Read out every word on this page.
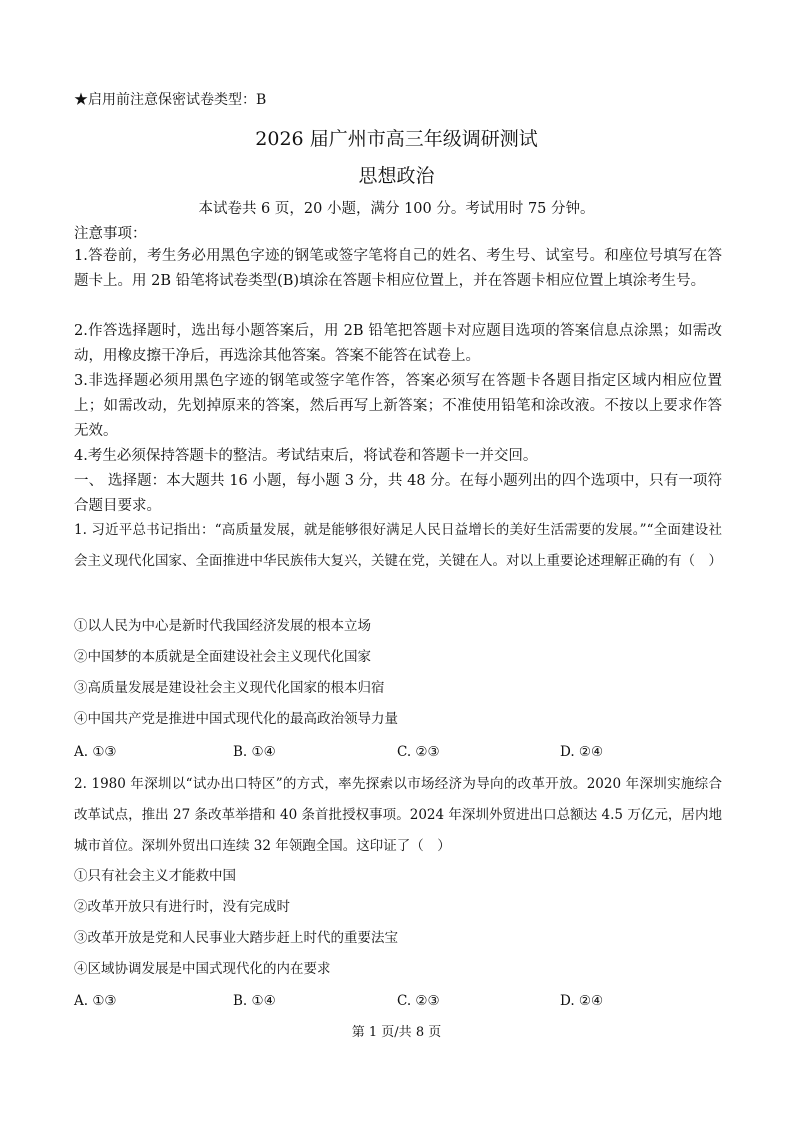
★启用前注意保密试卷类型：B
2026 届广州市高三年级调研测试
思想政治
本试卷共 6 页，20 小题，满分 100 分。考试用时 75 分钟。
注意事项：
1.答卷前，考生务必用黑色字迹的钢笔或签字笔将自己的姓名、考生号、试室号。和座位号填写在答题卡上。用 2B 铅笔将试卷类型(B)填涂在答题卡相应位置上，并在答题卡相应位置上填涂考生号。
2.作答选择题时，选出每小题答案后，用 2B 铅笔把答题卡对应题目选项的答案信息点涂黑；如需改动，用橡皮擦干净后，再选涂其他答案。答案不能答在试卷上。
3.非选择题必须用黑色字迹的钢笔或签字笔作答，答案必须写在答题卡各题目指定区域内相应位置上；如需改动，先划掉原来的答案，然后再写上新答案；不准使用铅笔和涂改液。不按以上要求作答无效。
4.考生必须保持答题卡的整洁。考试结束后，将试卷和答题卡一并交回。
一、 选择题：本大题共 16 小题，每小题 3 分，共 48 分。在每小题列出的四个选项中，只有一项符合题目要求。
1. 习近平总书记指出：“高质量发展，就是能够很好满足人民日益增长的美好生活需要的发展。”“全面建设社会主义现代化国家、全面推进中华民族伟大复兴，关键在党，关键在人。对以上重要论述理解正确的有（　）
①以人民为中心是新时代我国经济发展的根本立场
②中国梦的本质就是全面建设社会主义现代化国家
③高质量发展是建设社会主义现代化国家的根本归宿
④中国共产党是推进中国式现代化的最高政治领导力量
A. ①③	B. ①④	C. ②③	D. ②④
2. 1980 年深圳以“试办出口特区”的方式，率先探索以市场经济为导向的改革开放。2020 年深圳实施综合改革试点，推出 27 条改革举措和 40 条首批授权事项。2024 年深圳外贸进出口总额达 4.5 万亿元，居内地城市首位。深圳外贸出口连续 32 年领跑全国。这印证了（　）
①只有社会主义才能救中国
②改革开放只有进行时，没有完成时
③改革开放是党和人民事业大踏步赶上时代的重要法宝
④区域协调发展是中国式现代化的内在要求
A. ①③	B. ①④	C. ②③	D. ②④
第 1 页/共 8 页
